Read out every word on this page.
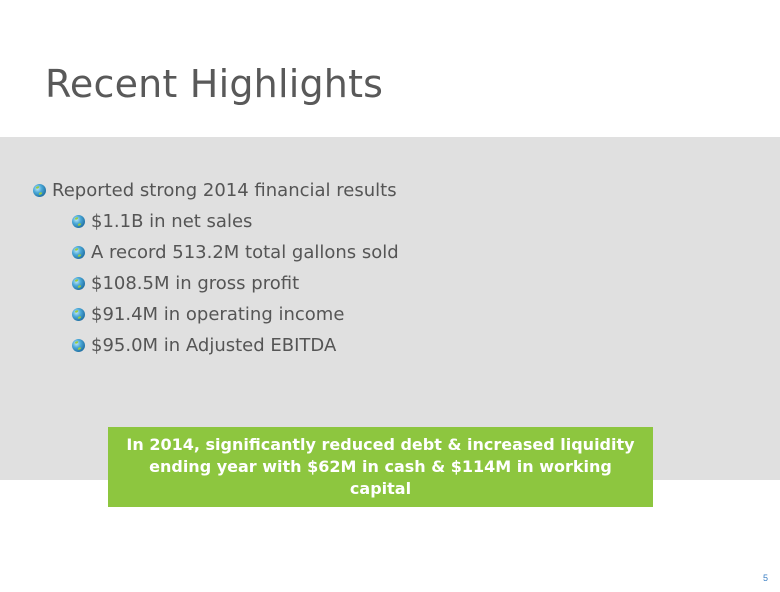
Recent Highlights
Reported strong 2014 financial results
$1.1B in net sales
A record 513.2M total gallons sold
$108.5M in gross profit
$91.4M in operating income
$95.0M in Adjusted EBITDA
In 2014, significantly reduced debt & increased liquidity ending year with $62M in cash & $114M in working capital
5
